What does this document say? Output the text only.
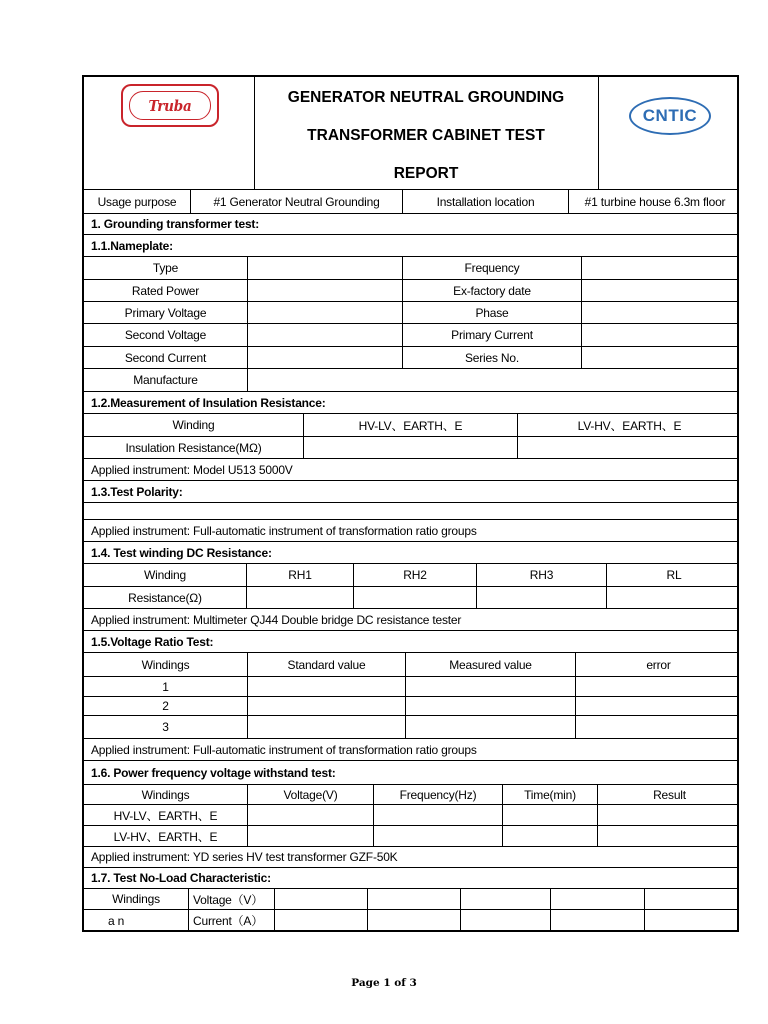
Truba	GENERATOR NEUTRAL GROUNDING
TRANSFORMER CABINET TEST
REPORT
CNTIC
Usage purpose	#1 Generator Neutral Grounding	Installation location	#1 turbine house 6.3m floor
1. Grounding transformer test:
1.1.Nameplate:
Type	Frequency
Rated Power	Ex-factory date
Primary Voltage	Phase
Second Voltage	Primary Current
Second Current	Series No.
Manufacture
1.2.Measurement of Insulation Resistance:
Winding	HV-LV、EARTH、E	LV-HV、EARTH、E
Insulation Resistance(MΩ)
Applied instrument: Model U513 5000V
1.3.Test Polarity:
Applied instrument: Full-automatic instrument of transformation ratio groups
1.4. Test winding DC Resistance:
Winding	RH1	RH2	RH3	RL
Resistance(Ω)
Applied instrument: Multimeter QJ44 Double bridge DC resistance tester
1.5.Voltage Ratio Test:
Windings	Standard value	Measured value	error
1
2
3
Applied instrument: Full-automatic instrument of transformation ratio groups
1.6. Power frequency voltage withstand test:
Windings	Voltage(V)	Frequency(Hz)	Time(min)	Result
HV-LV、EARTH、E
LV-HV、EARTH、E
Applied instrument: YD series HV test transformer GZF-50K
1.7. Test No-Load Characteristic:
Windings	Voltage（V）
a n	Current（A）
Page 1 of 3
